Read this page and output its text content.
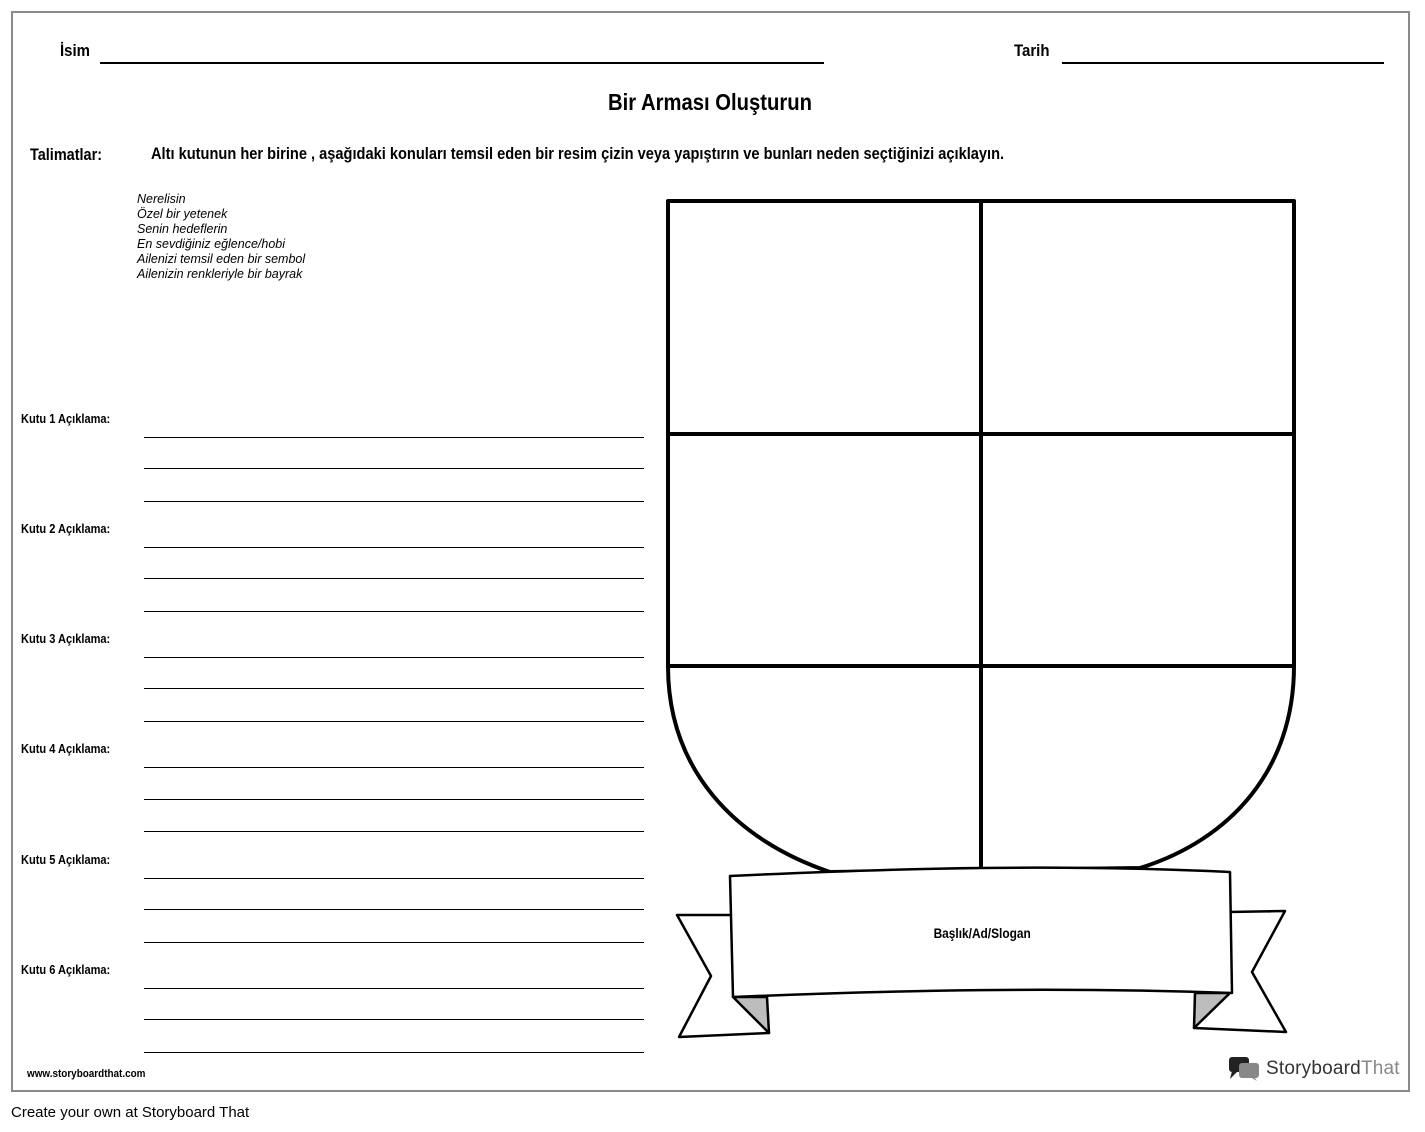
İsim	Tarih
Bir Arması Oluşturun
Talimatlar:	Altı kutunun her birine , aşağıdaki konuları temsil eden bir resim çizin veya yapıştırın ve bunları neden seçtiğinizi açıklayın.
Nerelisin
Özel bir yetenek
Senin hedeflerin
En sevdiğiniz eğlence/hobi
Ailenizi temsil eden bir sembol
Ailenizin renkleriyle bir bayrak
Kutu 1 Açıklama:
Kutu 2 Açıklama:
Kutu 3 Açıklama:
Kutu 4 Açıklama:
Kutu 5 Açıklama:
Kutu 6 Açıklama:
Başlık/Ad/Slogan
www.storyboardthat.com	StoryboardThat
Create your own at Storyboard That
